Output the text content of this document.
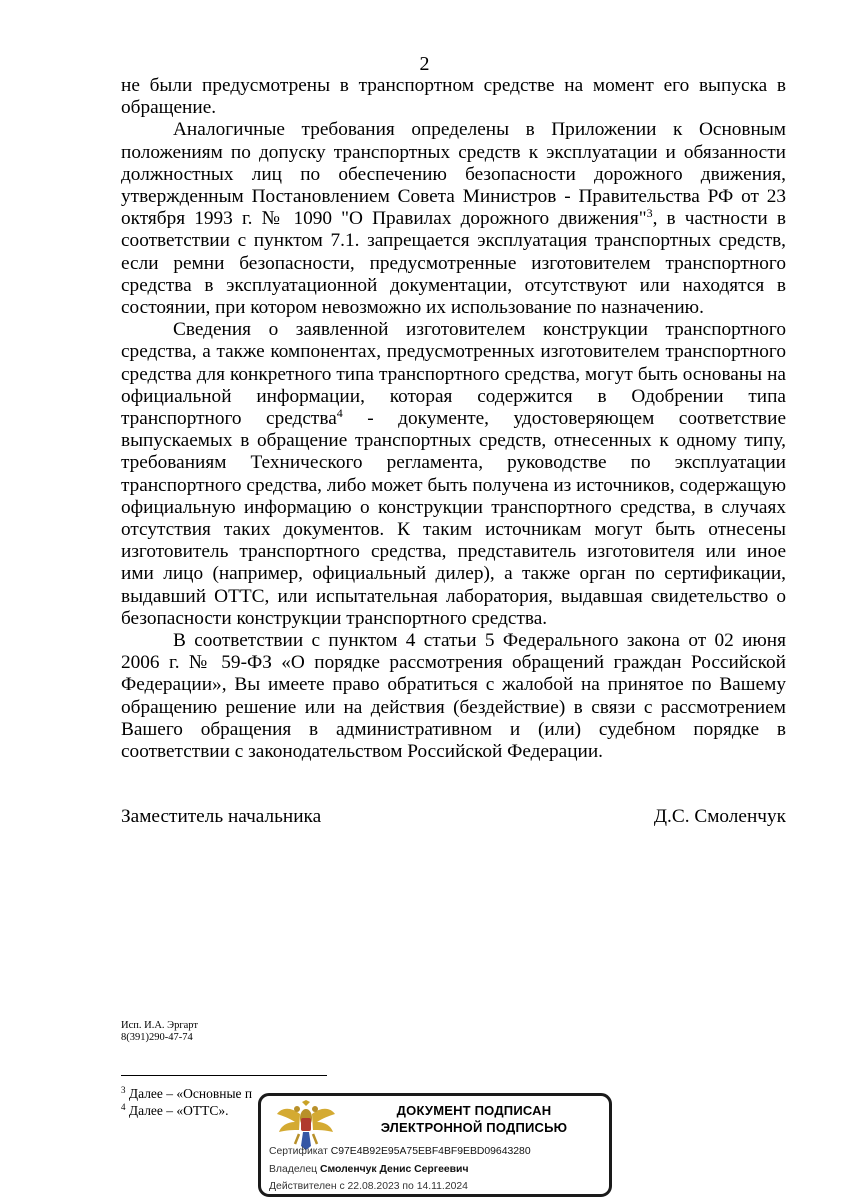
2

не были предусмотрены в транспортном средстве на момент его выпуска в обращение.

Аналогичные требования определены в Приложении к Основным положениям по допуску транспортных средств к эксплуатации и обязанности должностных лиц по обеспечению безопасности дорожного движения, утвержденным Постановлением Совета Министров - Правительства РФ от 23 октября 1993 г. № 1090 "О Правилах дорожного движения"$^3$, в частности в соответствии с пунктом 7.1. запрещается эксплуатация транспортных средств, если ремни безопасности, предусмотренные изготовителем транспортного средства в эксплуатационной документации, отсутствуют или находятся в состоянии, при котором невозможно их использование по назначению.

Сведения о заявленной изготовителем конструкции транспортного средства, а также компонентах, предусмотренных изготовителем транспортного средства для конкретного типа транспортного средства, могут быть основаны на официальной информации, которая содержится в Одобрении типа транспортного средства$^4$ - документе, удостоверяющем соответствие выпускаемых в обращение транспортных средств, отнесенных к одному типу, требованиям Технического регламента, руководстве по эксплуатации транспортного средства, либо может быть получена из источников, содержащую официальную информацию о конструкции транспортного средства, в случаях отсутствия таких документов. К таким источникам могут быть отнесены изготовитель транспортного средства, представитель изготовителя или иное ими лицо (например, официальный дилер), а также орган по сертификации, выдавший ОТТС, или испытательная лаборатория, выдавшая свидетельство о безопасности конструкции транспортного средства.

В соответствии с пунктом 4 статьи 5 Федерального закона от 02 июня 2006 г. № 59-ФЗ «О порядке рассмотрения обращений граждан Российской Федерации», Вы имеете право обратиться с жалобой на принятое по Вашему обращению решение или на действия (бездействие) в связи с рассмотрением Вашего обращения в административном и (или) судебном порядке в соответствии с законодательством Российской Федерации.

Заместитель начальника	Д.С. Смоленчук
Исп. И.А. Эргарт
8(391)290-47-74
$^3$ Далее – «Основные п
$^4$ Далее – «ОТТС».	ДОКУМЕНТ ПОДПИСАН
ЭЛЕКТРОННОЙ ПОДПИСЬЮ
Сертификат C97E4B92E95A75EBF4BF9EBD09643280
Владелец Смоленчук Денис Сергеевич
Действителен с 22.08.2023 по 14.11.2024
